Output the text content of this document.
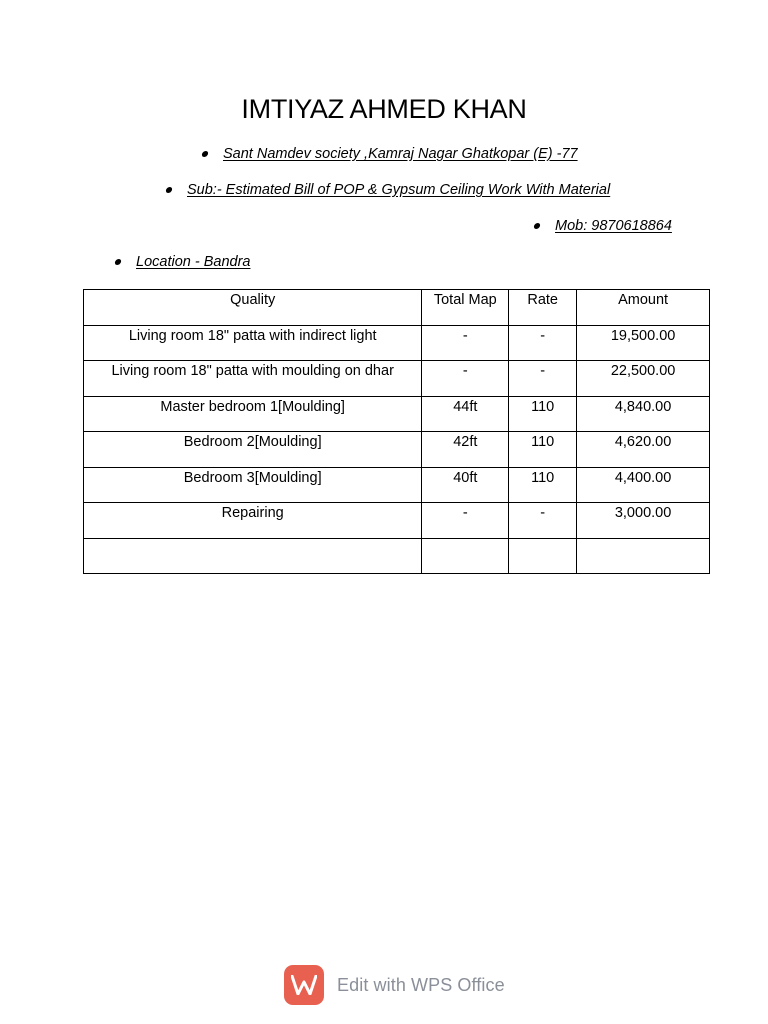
IMTIYAZ AHMED KHAN
Sant Namdev society ,Kamraj Nagar Ghatkopar (E) -77
Sub:- Estimated Bill of POP & Gypsum Ceiling Work With Material
Mob: 9870618864
Location - Bandra
Quality	Total Map	Rate	Amount
Living room 18" patta with indirect light	-	-	19,500.00
Living room 18" patta with moulding on dhar	-	-	22,500.00
Master bedroom 1[Moulding]	44ft	110	4,840.00
Bedroom 2[Moulding]	42ft	110	4,620.00
Bedroom 3[Moulding]	40ft	110	4,400.00
Repairing	-	-	3,000.00

Edit with WPS Office
